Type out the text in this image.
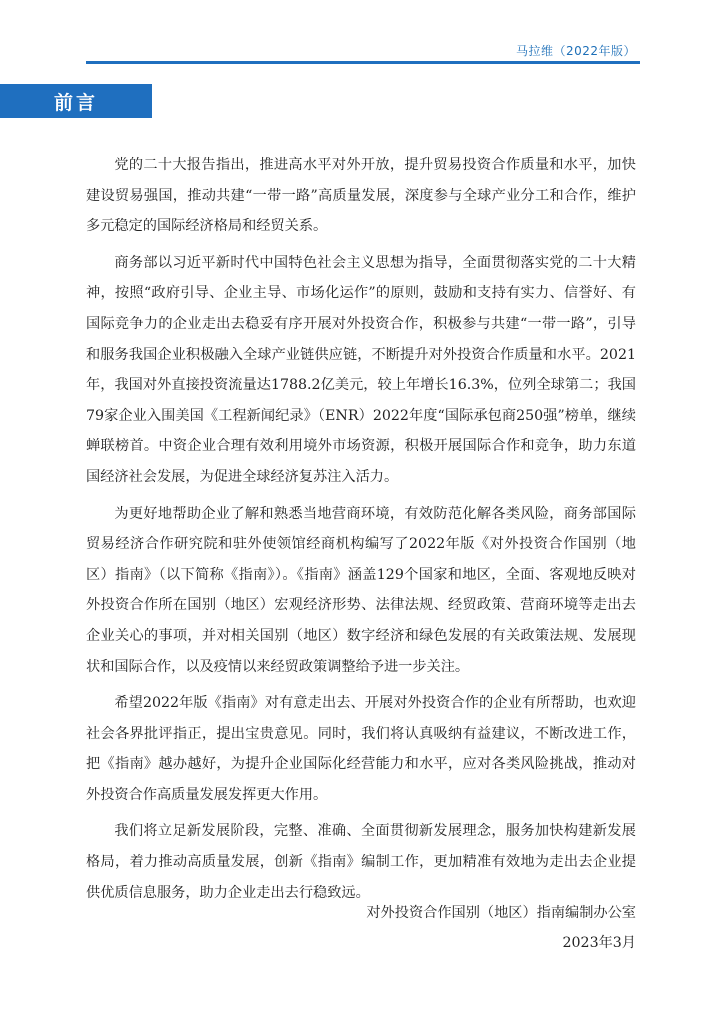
马拉维（2022年版）
前言

党的二十大报告指出，推进高水平对外开放，提升贸易投资合作质量和水平，加快建设贸易强国，推动共建“一带一路”高质量发展，深度参与全球产业分工和合作，维护多元稳定的国际经济格局和经贸关系。

商务部以习近平新时代中国特色社会主义思想为指导，全面贯彻落实党的二十大精神，按照“政府引导、企业主导、市场化运作”的原则，鼓励和支持有实力、信誉好、有国际竞争力的企业走出去稳妥有序开展对外投资合作，积极参与共建“一带一路”，引导和服务我国企业积极融入全球产业链供应链，不断提升对外投资合作质量和水平。2021年，我国对外直接投资流量达1788.2亿美元，较上年增长16.3%，位列全球第二；我国79家企业入围美国《工程新闻纪录》（ENR）2022年度“国际承包商250强”榜单，继续蝉联榜首。中资企业合理有效利用境外市场资源，积极开展国际合作和竞争，助力东道国经济社会发展，为促进全球经济复苏注入活力。

为更好地帮助企业了解和熟悉当地营商环境，有效防范化解各类风险，商务部国际贸易经济合作研究院和驻外使领馆经商机构编写了2022年版《对外投资合作国别（地区）指南》（以下简称《指南》）。《指南》涵盖129个国家和地区，全面、客观地反映对外投资合作所在国别（地区）宏观经济形势、法律法规、经贸政策、营商环境等走出去企业关心的事项，并对相关国别（地区）数字经济和绿色发展的有关政策法规、发展现状和国际合作，以及疫情以来经贸政策调整给予进一步关注。

希望2022年版《指南》对有意走出去、开展对外投资合作的企业有所帮助，也欢迎社会各界批评指正，提出宝贵意见。同时，我们将认真吸纳有益建议，不断改进工作，把《指南》越办越好，为提升企业国际化经营能力和水平，应对各类风险挑战，推动对外投资合作高质量发展发挥更大作用。

我们将立足新发展阶段，完整、准确、全面贯彻新发展理念，服务加快构建新发展格局，着力推动高质量发展，创新《指南》编制工作，更加精准有效地为走出去企业提供优质信息服务，助力企业走出去行稳致远。

对外投资合作国别（地区）指南编制办公室
2023年3月
